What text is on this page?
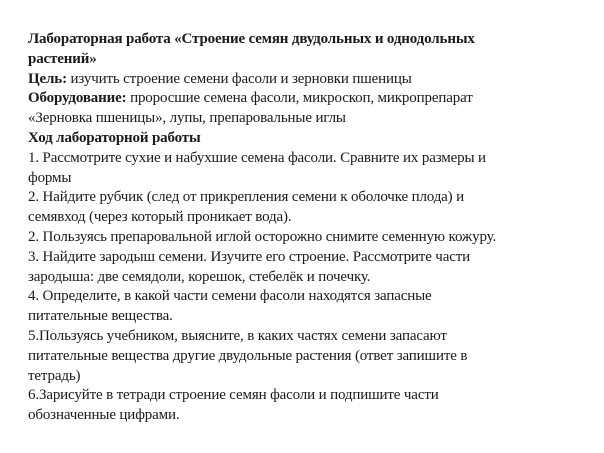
Лабораторная работа «Строение семян двудольных и однодольных
растений»
Цель: изучить строение семени фасоли и зерновки пшеницы
Оборудование: проросшие семена фасоли, микроскоп, микропрепарат
«Зерновка пшеницы», лупы, препаровальные иглы
Ход лабораторной работы
1. Рассмотрите сухие и набухшие семена фасоли. Сравните их размеры и
формы
2. Найдите рубчик (след от прикрепления семени к оболочке плода) и
семявход (через который проникает вода).
2. Пользуясь препаровальной иглой осторожно снимите семенную кожуру.
3. Найдите зародыш семени. Изучите его строение. Рассмотрите части
зародыша: две семядоли, корешок, стебелёк и почечку.
4. Определите, в какой части семени фасоли находятся запасные
питательные вещества.
5.Пользуясь учебником, выясните, в каких частях семени запасают
питательные вещества другие двудольные растения (ответ запишите в
тетрадь)
6.Зарисуйте в тетради строение семян фасоли и подпишите части
обозначенные цифрами.
